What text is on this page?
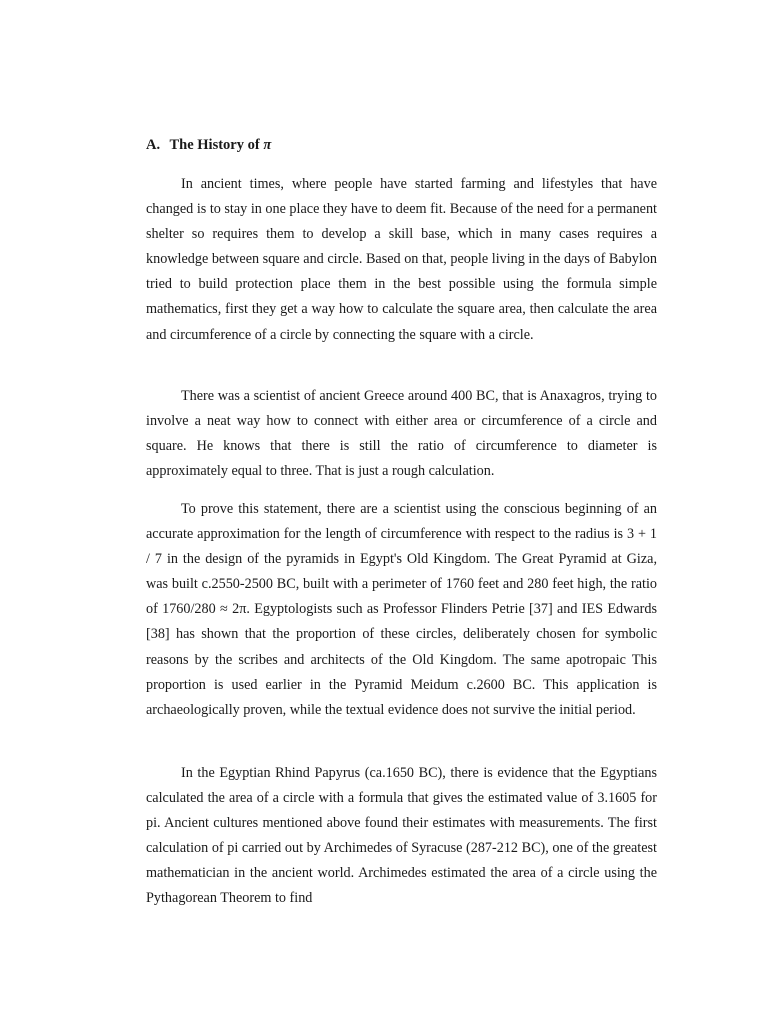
A. The History of π

In ancient times, where people have started farming and lifestyles that have changed is to stay in one place they have to deem fit. Because of the need for a permanent shelter so requires them to develop a skill base, which in many cases requires a knowledge between square and circle. Based on that, people living in the days of Babylon tried to build protection place them in the best possible using the formula simple mathematics, first they get a way how to calculate the square area, then calculate the area and circumference of a circle by connecting the square with a circle.

There was a scientist of ancient Greece around 400 BC, that is Anaxagros, trying to involve a neat way how to connect with either area or circumference of a circle and square. He knows that there is still the ratio of circumference to diameter is approximately equal to three. That is just a rough calculation.

To prove this statement, there are a scientist using the conscious beginning of an accurate approximation for the length of circumference with respect to the radius is 3 + 1 / 7 in the design of the pyramids in Egypt's Old Kingdom. The Great Pyramid at Giza, was built c.2550-2500 BC, built with a perimeter of 1760 feet and 280 feet high, the ratio of 1760/280 ≈ 2π. Egyptologists such as Professor Flinders Petrie [37] and IES Edwards [38] has shown that the proportion of these circles, deliberately chosen for symbolic reasons by the scribes and architects of the Old Kingdom. The same apotropaic This proportion is used earlier in the Pyramid Meidum c.2600 BC. This application is archaeologically proven, while the textual evidence does not survive the initial period.

In the Egyptian Rhind Papyrus (ca.1650 BC), there is evidence that the Egyptians calculated the area of a circle with a formula that gives the estimated value of 3.1605 for pi. Ancient cultures mentioned above found their estimates with measurements. The first calculation of pi carried out by Archimedes of Syracuse (287-212 BC), one of the greatest mathematician in the ancient world. Archimedes estimated the area of a circle using the Pythagorean Theorem to find
